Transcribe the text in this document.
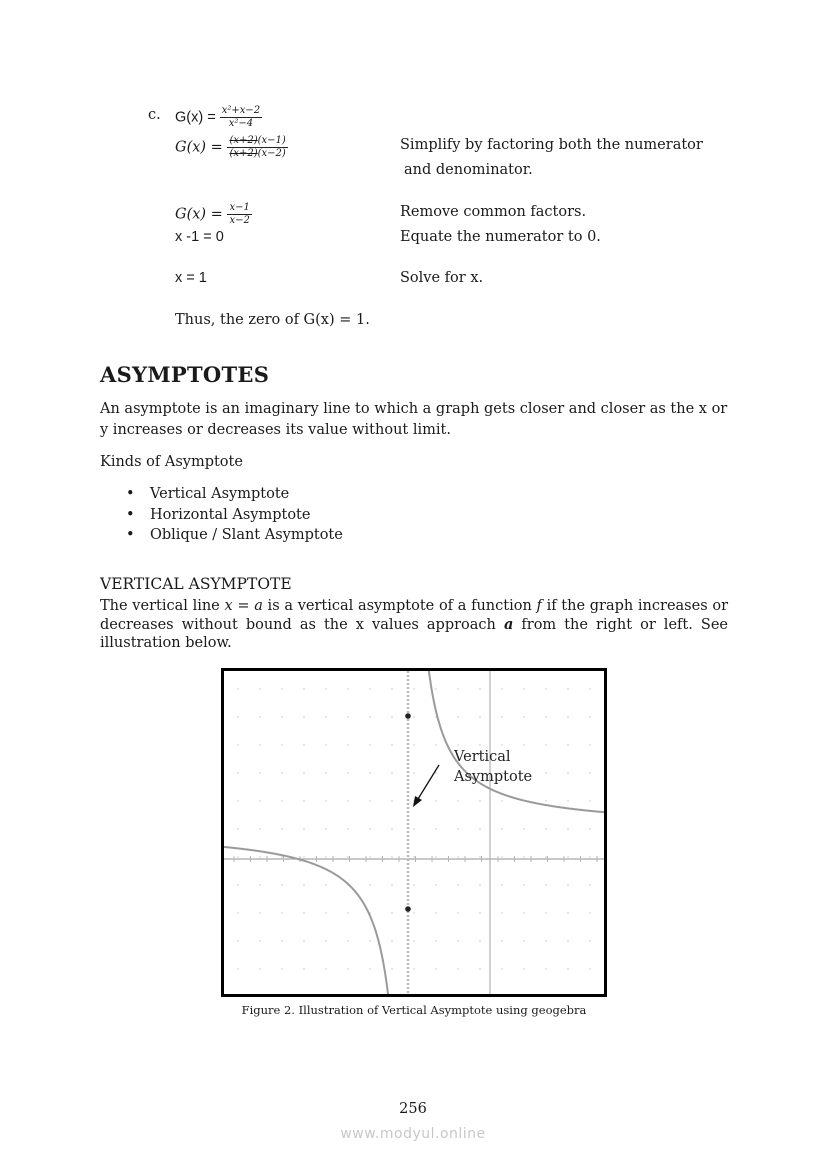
c. $G(x) = \frac{\text{x²+x−2}}{\text{x²−4}}$
$G(x) = \frac{(x+2)(x-1)}{(x+2)(x-2)}$	Simplify by factoring both the numerator
and denominator.
$G(x) = \frac{x-1}{x-2}$	Remove common factors.
x -1 = 0	Equate the numerator to 0.
x = 1	Solve for x.
Thus, the zero of G(x) = 1.
ASYMPTOTES
An asymptote is an imaginary line to which a graph gets closer and closer as the x or y increases or decreases its value without limit.
Kinds of Asymptote
• Vertical Asymptote
• Horizontal Asymptote
• Oblique / Slant Asymptote
VERTICAL ASYMPTOTE
The vertical line x = a is a vertical asymptote of a function f if the graph increases or decreases without bound as the x values approach a from the right or left. See illustration below.
Vertical
Asymptote
Figure 2. Illustration of Vertical Asymptote using geogebra
256
www.modyul.online
